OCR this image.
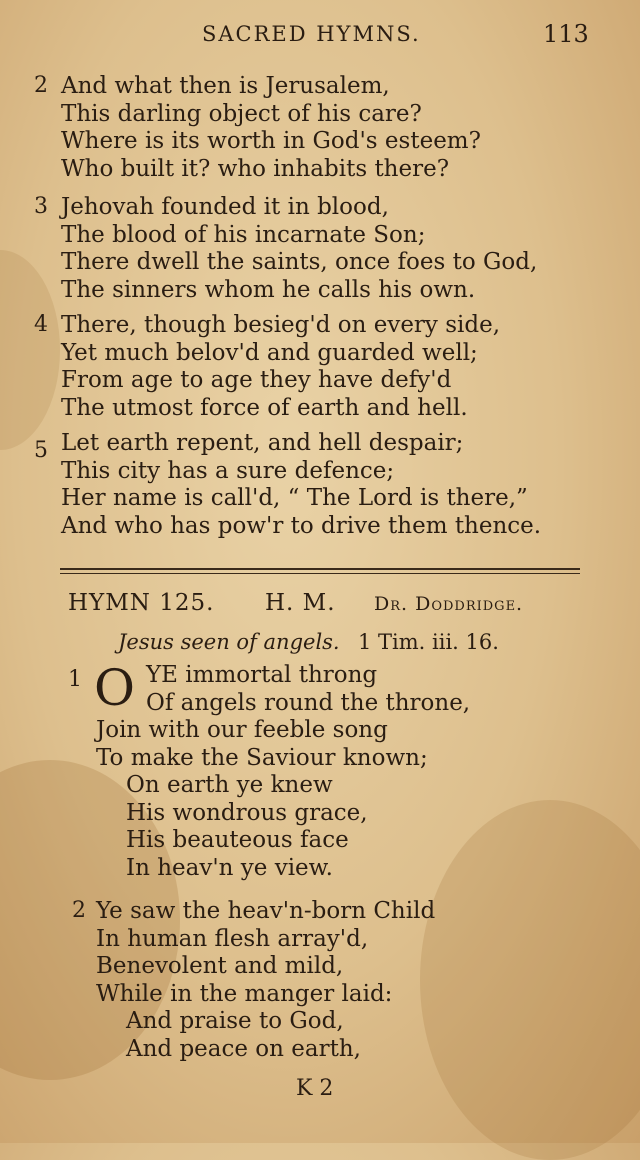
SACRED HYMNS.	113
2 And what then is Jerusalem,
This darling object of his care?
Where is its worth in God's esteem?
Who built it? who inhabits there?
3 Jehovah founded it in blood,
The blood of his incarnate Son;
There dwell the saints, once foes to God,
The sinners whom he calls his own.
4 There, though besieg'd on every side,
Yet much belov'd and guarded well;
From age to age they have defy'd
The utmost force of earth and hell.
5 Let earth repent, and hell despair;
This city has a sure defence;
Her name is call'd, “ The Lord is there,”
And who has pow'r to drive them thence.
HYMN 125. H. M. Dr. Doddridge.
Jesus seen of angels. 1 Tim. iii. 16.
1 O YE immortal throng
Of angels round the throne,
Join with our feeble song
To make the Saviour known;
On earth ye knew
His wondrous grace,
His beauteous face
In heav'n ye view.
2 Ye saw the heav'n-born Child
In human flesh array'd,
Benevolent and mild,
While in the manger laid:
And praise to God,
And peace on earth,
K 2
